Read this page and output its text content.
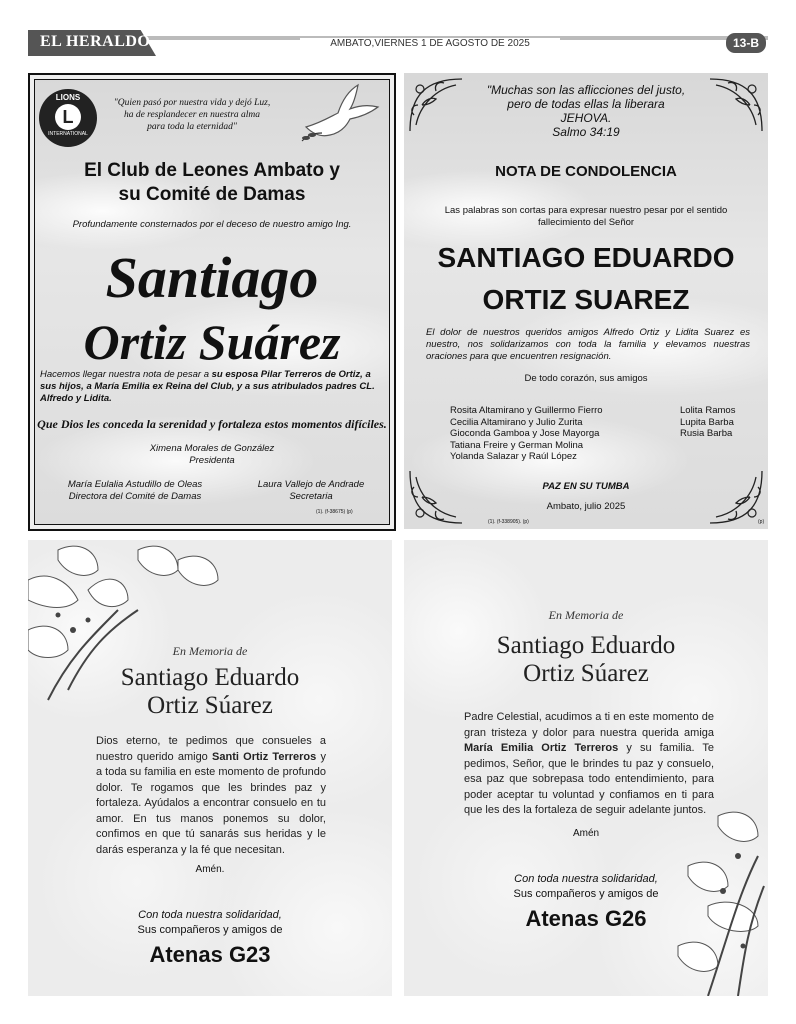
EL HERALDO	AMBATO,VIERNES 1 DE AGOSTO DE 2025	13-B
LIONS
L
INTERNATIONAL
"Quien pasó por nuestra vida y dejó Luz,
ha de resplandecer en nuestra alma
para toda la eternidad"
El Club de Leones Ambato y
su Comité de Damas
Profundamente consternados por el deceso de nuestro amigo Ing.
Santiago
Ortiz Suárez
Hacemos llegar nuestra nota de pesar a su esposa Pilar Terreros de Ortiz, a sus hijos, a María Emilia ex Reina del Club, y a sus atribulados padres CL. Alfredo y Lidita.
Que Dios les conceda la serenidad y fortaleza estos momentos difíciles.
Ximena Morales de González
Presidenta
María Eulalia Astudillo de Oleas
Directora del Comité de Damas
Laura Vallejo de Andrade
Secretaria
(1). (f-38675) (p)
"Muchas son las aflicciones del justo,
pero de todas ellas la liberara
JEHOVA.
Salmo 34:19
NOTA DE CONDOLENCIA
Las palabras son cortas para expresar nuestro pesar por el sentido
fallecimiento del Señor
SANTIAGO EDUARDO
ORTIZ SUAREZ
El dolor de nuestros queridos amigos Alfredo Ortiz y Lidita Suarez es nuestro, nos solidarizamos con toda la familia y elevamos nuestras oraciones para que encuentren resignación.
De todo corazón, sus amigos
Rosita Altamirano y Guillermo Fierro
Cecilia Altamirano y Julio Zurita
Gioconda Gamboa y Jose Mayorga
Tatiana Freire y German Molina
Yolanda Salazar y Raúl López
Lolita Ramos
Lupita Barba
Rusia Barba
PAZ EN SU TUMBA
Ambato, julio 2025
(1). (f-338905). (p)	(p)
En Memoria de
Santiago Eduardo
Ortiz Súarez
Dios eterno, te pedimos que consueles a nuestro querido amigo Santi Ortiz Terreros y a toda su familia en este momento de profundo dolor. Te rogamos que les brindes paz y fortaleza. Ayúdalos a encontrar consuelo en tu amor. En tus manos ponemos su dolor, confimos en que tú sanarás sus heridas y le darás esperanza y la fé que necesitan.
Amén.
Con toda nuestra solidaridad,
Sus compañeros y amigos de
Atenas G23
En Memoria de
Santiago Eduardo
Ortiz Súarez
Padre Celestial, acudimos a ti en este momento de gran tristeza y dolor para nuestra querida amiga María Emilia Ortiz Terreros y su familia. Te pedimos, Señor, que le brindes tu paz y consuelo, esa paz que sobrepasa todo entendimiento, para poder aceptar tu voluntad y confiamos en ti para que les des la fortaleza de seguir adelante juntos.
Amén
Con toda nuestra solidaridad,
Sus compañeros y amigos de
Atenas G26
